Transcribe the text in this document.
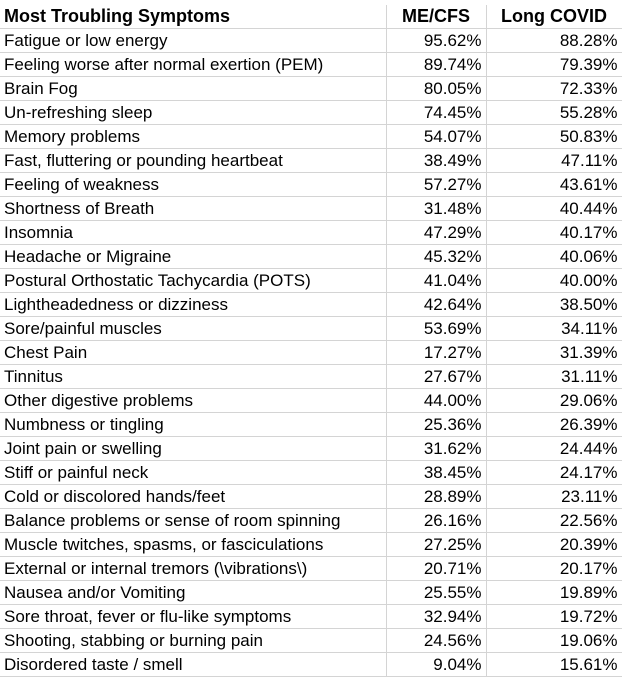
Most Troubling Symptoms	ME/CFS	Long COVID
Fatigue or low energy	95.62%	88.28%
Feeling worse after normal exertion (PEM)	89.74%	79.39%
Brain Fog	80.05%	72.33%
Un-refreshing sleep	74.45%	55.28%
Memory problems	54.07%	50.83%
Fast, fluttering or pounding heartbeat	38.49%	47.11%
Feeling of weakness	57.27%	43.61%
Shortness of Breath	31.48%	40.44%
Insomnia	47.29%	40.17%
Headache or Migraine	45.32%	40.06%
Postural Orthostatic Tachycardia (POTS)	41.04%	40.00%
Lightheadedness or dizziness	42.64%	38.50%
Sore/painful muscles	53.69%	34.11%
Chest Pain	17.27%	31.39%
Tinnitus	27.67%	31.11%
Other digestive problems	44.00%	29.06%
Numbness or tingling	25.36%	26.39%
Joint pain or swelling	31.62%	24.44%
Stiff or painful neck	38.45%	24.17%
Cold or discolored hands/feet	28.89%	23.11%
Balance problems or sense of room spinning	26.16%	22.56%
Muscle twitches, spasms, or fasciculations	27.25%	20.39%
External or internal tremors (\vibrations\)	20.71%	20.17%
Nausea and/or Vomiting	25.55%	19.89%
Sore throat, fever or flu-like symptoms	32.94%	19.72%
Shooting, stabbing or burning pain	24.56%	19.06%
Disordered taste / smell	9.04%	15.61%
